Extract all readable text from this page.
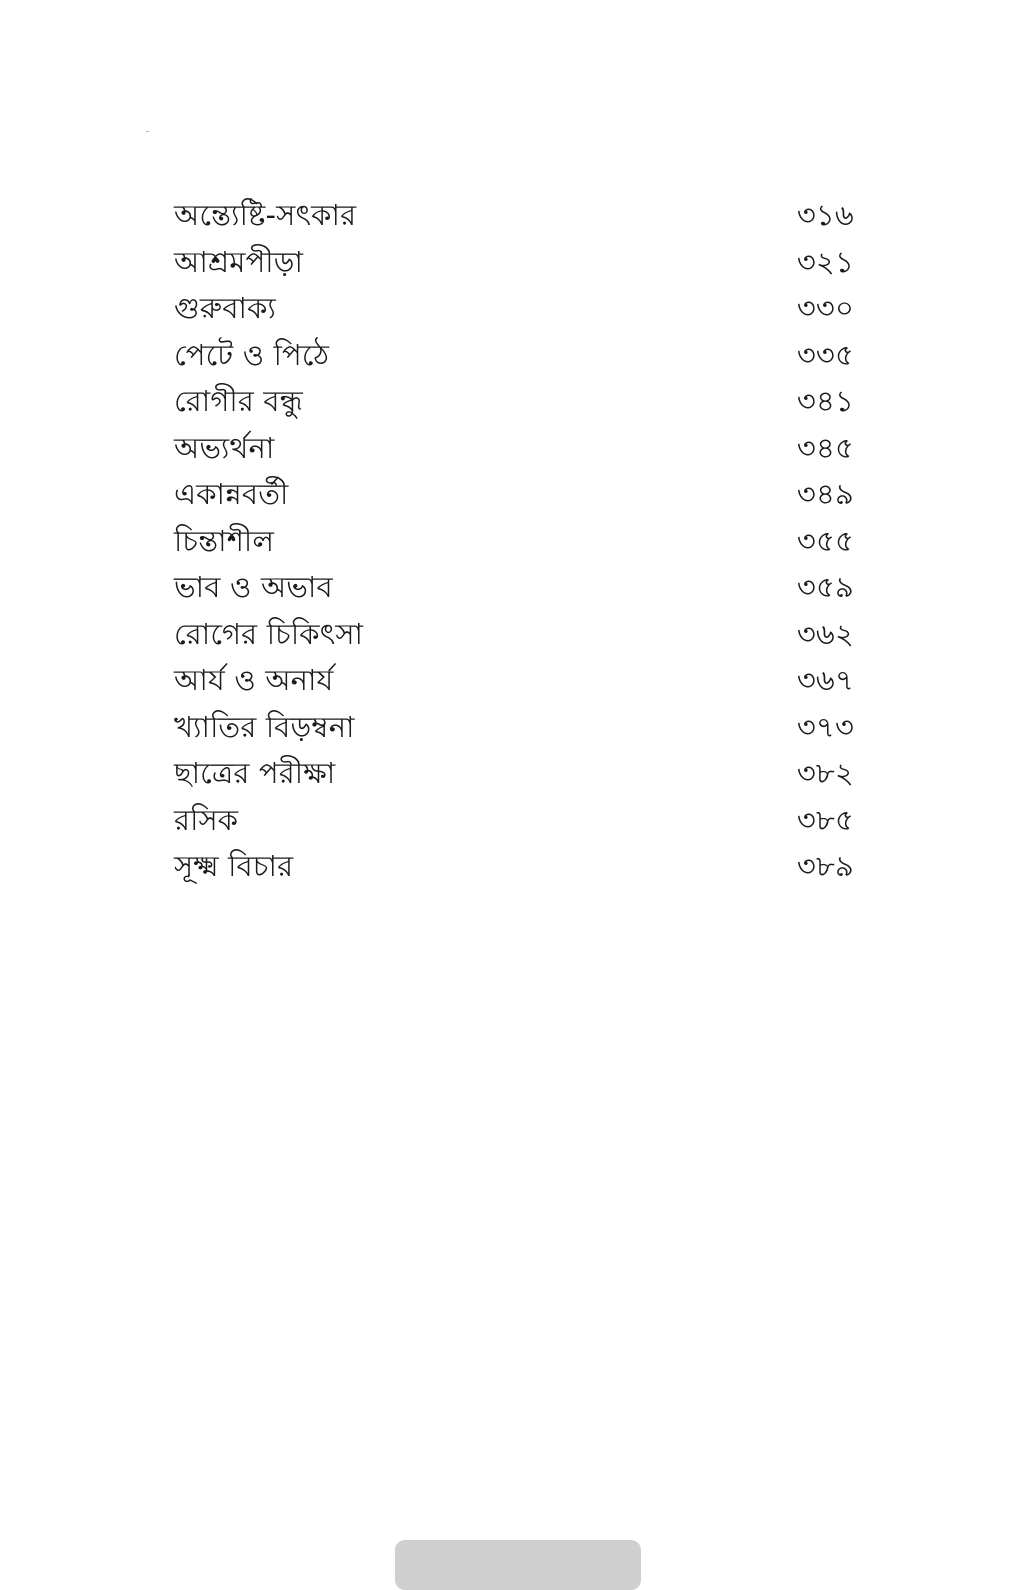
অন্ত্যেষ্টি-সৎকার	৩১৬
আশ্রমপীড়া	৩২১
গুরুবাক্য	৩৩০
পেটে ও পিঠে	৩৩৫
রোগীর বন্ধু	৩৪১
অভ্যর্থনা	৩৪৫
একান্নবর্তী	৩৪৯
চিন্তাশীল	৩৫৫
ভাব ও অভাব	৩৫৯
রোগের চিকিৎসা	৩৬২
আর্য ও অনার্য	৩৬৭
খ্যাতির বিড়ম্বনা	৩৭৩
ছাত্রের পরীক্ষা	৩৮২
রসিক	৩৮৫
সূক্ষ্ম বিচার	৩৮৯
